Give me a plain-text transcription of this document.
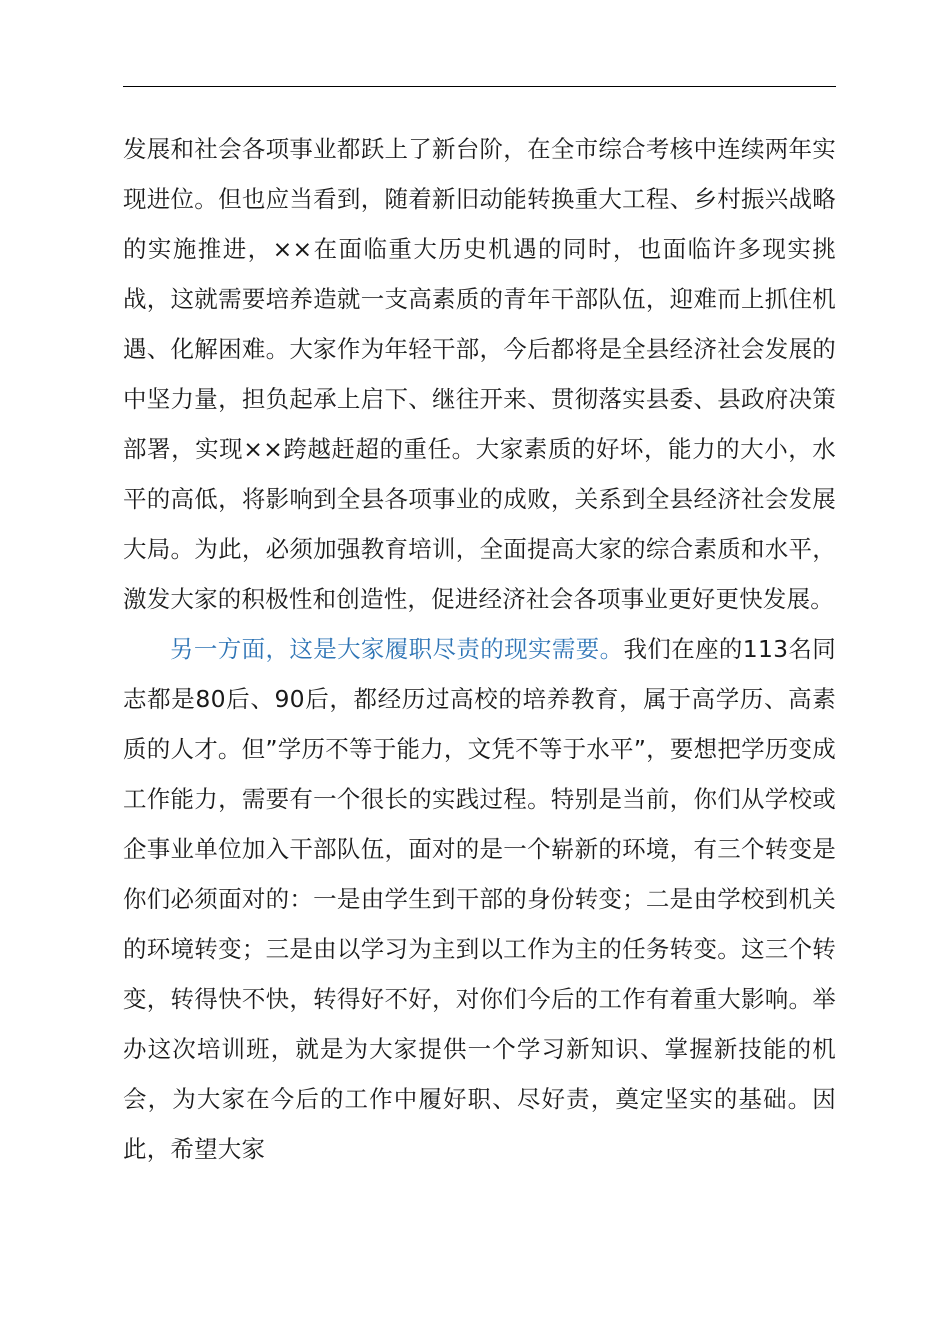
发展和社会各项事业都跃上了新台阶，在全市综合考核中连续两年实现进位。但也应当看到，随着新旧动能转换重大工程、乡村振兴战略的实施推进，××在面临重大历史机遇的同时，也面临许多现实挑战，这就需要培养造就一支高素质的青年干部队伍，迎难而上抓住机遇、化解困难。大家作为年轻干部，今后都将是全县经济社会发展的中坚力量，担负起承上启下、继往开来、贯彻落实县委、县政府决策部署，实现××跨越赶超的重任。大家素质的好坏，能力的大小，水平的高低，将影响到全县各项事业的成败，关系到全县经济社会发展大局。为此，必须加强教育培训，全面提高大家的综合素质和水平，激发大家的积极性和创造性，促进经济社会各项事业更好更快发展。

另一方面，这是大家履职尽责的现实需要。我们在座的113名同志都是80后、90后，都经历过高校的培养教育，属于高学历、高素质的人才。但”学历不等于能力，文凭不等于水平”，要想把学历变成工作能力，需要有一个很长的实践过程。特别是当前，你们从学校或企事业单位加入干部队伍，面对的是一个崭新的环境，有三个转变是你们必须面对的：一是由学生到干部的身份转变；二是由学校到机关的环境转变；三是由以学习为主到以工作为主的任务转变。这三个转变，转得快不快，转得好不好，对你们今后的工作有着重大影响。举办这次培训班，就是为大家提供一个学习新知识、掌握新技能的机会，为大家在今后的工作中履好职、尽好责，奠定坚实的基础。因此，希望大家
